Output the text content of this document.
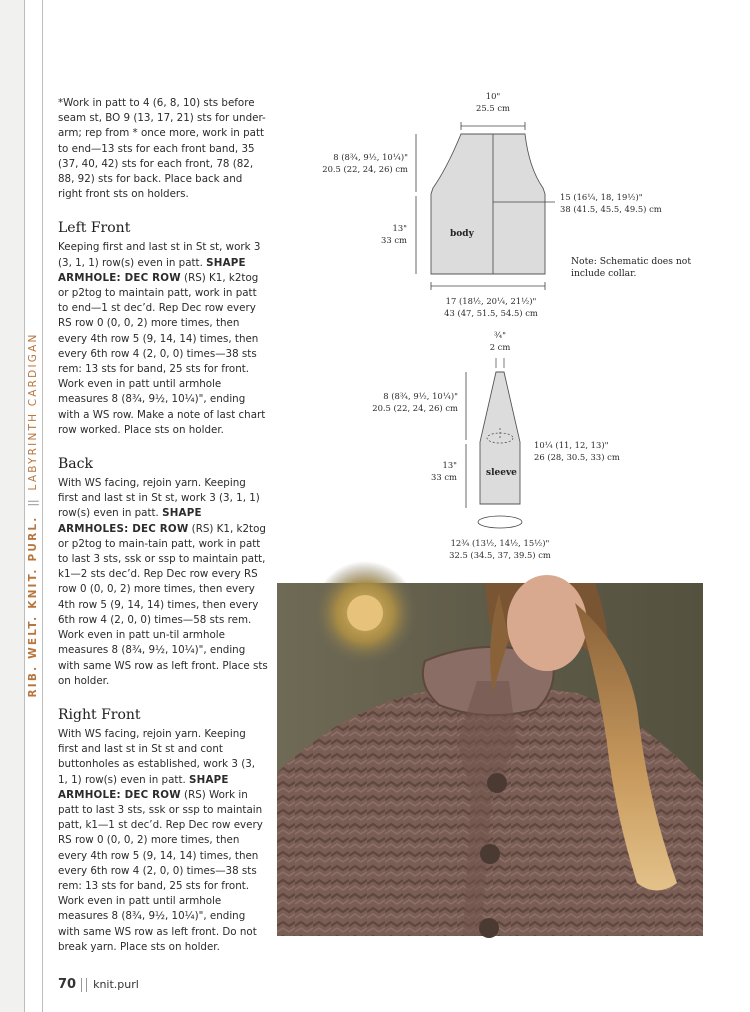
RIB. WELT. KNIT. PURL.
||
LABYRINTH CARDIGAN

*Work in patt to 4 (6, 8, 10) sts before seam st, BO 9 (13, 17, 21) sts for under-arm; rep from * once more, work in patt to end—13 sts for each front band, 35 (37, 40, 42) sts for each front, 78 (82, 88, 92) sts for back. Place back and right front sts on holders.

Left Front

Keeping first and last st in St st, work 3 (3, 1, 1) row(s) even in patt. SHAPE ARMHOLE: DEC ROW (RS) K1, k2tog or p2tog to maintain patt, work in patt to end—1 st dec’d. Rep Dec row every RS row 0 (0, 0, 2) more times, then every 4th row 5 (9, 14, 14) times, then every 6th row 4 (2, 0, 0) times—38 sts rem: 13 sts for band, 25 sts for front. Work even in patt until armhole measures 8 (8¾, 9½, 10¼)", ending with a WS row. Make a note of last chart row worked. Place sts on holder.

Back

With WS facing, rejoin yarn. Keeping first and last st in St st, work 3 (3, 1, 1) row(s) even in patt. SHAPE ARMHOLES: DEC ROW (RS) K1, k2tog or p2tog to main-tain patt, work in patt to last 3 sts, ssk or ssp to maintain patt, k1—2 sts dec’d. Rep Dec row every RS row 0 (0, 0, 2) more times, then every 4th row 5 (9, 14, 14) times, then every 6th row 4 (2, 0, 0) times—58 sts rem. Work even in patt un-til armhole measures 8 (8¾, 9½, 10¼)", ending with same WS row as left front. Place sts on holder.

Right Front

With WS facing, rejoin yarn. Keeping first and last st in St st and cont buttonholes as established, work 3 (3, 1, 1) row(s) even in patt. SHAPE ARMHOLE: DEC ROW (RS) Work in patt to last 3 sts, ssk or ssp to maintain patt, k1—1 st dec’d. Rep Dec row every RS row 0 (0, 0, 2) more times, then every 4th row 5 (9, 14, 14) times, then every 6th row 4 (2, 0, 0) times—38 sts rem: 13 sts for band, 25 sts for front. Work even in patt until armhole measures 8 (8¾, 9½, 10¼)", ending with same WS row as left front. Do not break yarn. Place sts on holder.

10"
25.5 cm
body
8 (8¾, 9½, 10¼)"
20.5 (22, 24, 26) cm
13"
33 cm
15 (16¼, 18, 19½)"
38 (41.5, 45.5, 49.5) cm
17 (18½, 20¼, 21½)"
43 (47, 51.5, 54.5) cm
Note: Schematic does not include collar.
¾"
2 cm
sleeve
8 (8¾, 9½, 10¼)"
20.5 (22, 24, 26) cm
13"
33 cm
10¼ (11, 12, 13)"
26 (28, 30.5, 33) cm
12¾ (13½, 14½, 15½)"
32.5 (34.5, 37, 39.5) cm
70 knit.purl
